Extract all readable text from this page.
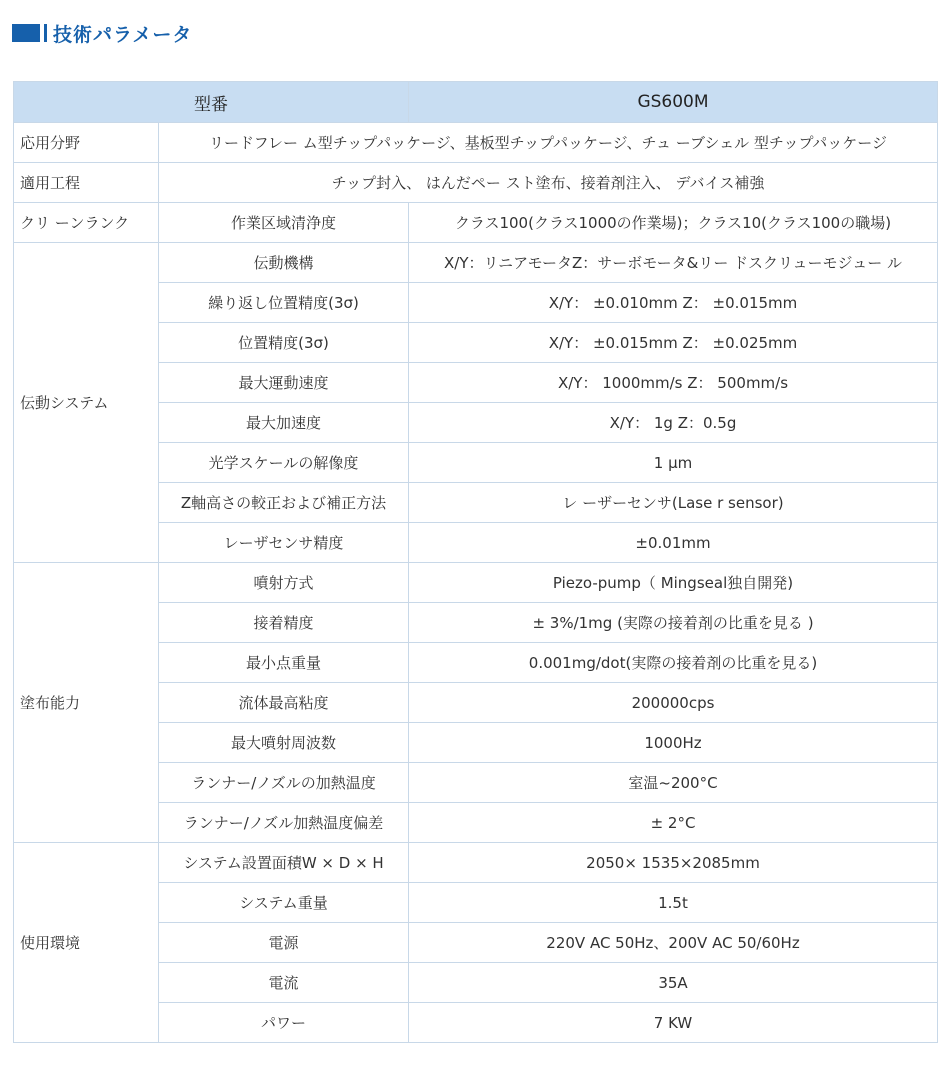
技術パラメータ
型番		GS600M
応用分野	リードフレー ム型チップパッケージ、基板型チップパッケージ、チュ ーブシェル 型チップパッケージ	
適用工程	チップ封入、 はんだペー スト塗布、接着剤注入、 デバイス補強	
クリ ーンランク	作業区域清浄度	クラス100(クラス1000の作業場)；クラス10(クラス100の職場)
伝動システム	伝動機構	X/Y：リニアモータZ：サーボモータ&リー ドスクリューモジュー ル
	繰り返し位置精度(3σ)	X/Y： ±0.010mm Z： ±0.015mm
	位置精度(3σ)	X/Y： ±0.015mm Z： ±0.025mm
	最大運動速度	X/Y： 1000mm/s Z： 500mm/s
	最大加速度	X/Y： 1g Z：0.5g
	光学スケールの解像度	1 μm
	Z軸高さの較正および補正方法	レ ーザーセンサ(Lase r sensor)
	レーザセンサ精度	±0.01mm
塗布能力	噴射方式	Piezo-pump（ Mingseal独自開発)
	接着精度	± 3%/1mg (実際の接着剤の比重を見る )
	最小点重量	0.001mg/dot(実際の接着剤の比重を見る)
	流体最高粘度	200000cps
	最大噴射周波数	1000Hz
	ランナー/ノズルの加熱温度	室温~200°C
	ランナー/ノズル加熱温度偏差	± 2°C
使用環境	システム設置面積W × D × H	2050× 1535×2085mm
	システム重量	1.5t
	電源	220V AC 50Hz、200V AC 50/60Hz
	電流	35A
	パワー	7 KW
